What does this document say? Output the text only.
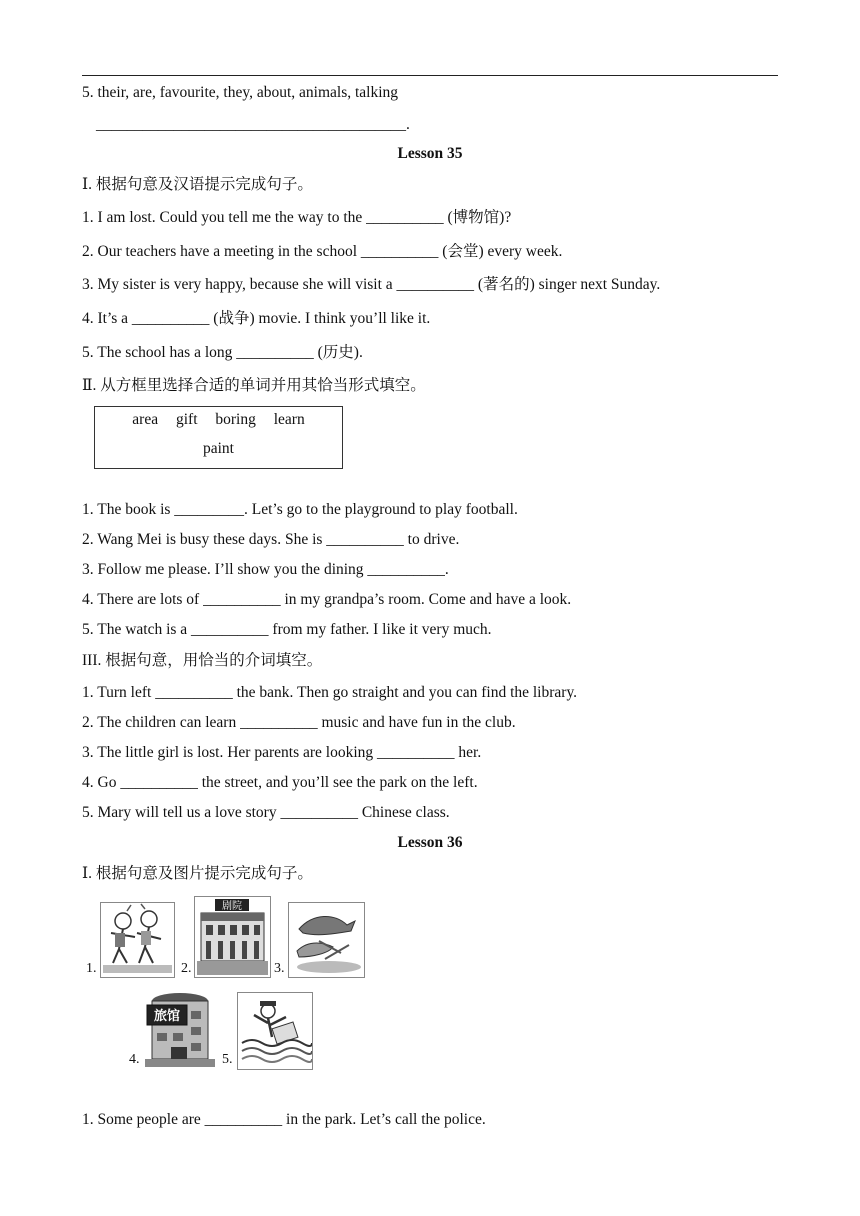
5. their, are, favourite, they, about, animals, talking
________________________________________.
Lesson 35
Ⅰ. 根据句意及汉语提示完成句子。
1. I am lost. Could you tell me the way to the __________ (博物馆)?
2. Our teachers have a meeting in the school __________ (会堂) every week.
3. My sister is very happy, because she will visit a __________ (著名的) singer next Sunday.
4. It’s a __________ (战争) movie. I think you’ll like it.
5. The school has a long __________ (历史).
Ⅱ. 从方框里选择合适的单词并用其恰当形式填空。
area gift boring learn
paint
1. The book is _________. Let’s go to the playground to play football.
2. Wang Mei is busy these days. She is __________ to drive.
3. Follow me please. I’ll show you the dining __________.
4. There are lots of __________ in my grandpa’s room. Come and have a look.
5. The watch is a __________ from my father. I like it very much.
III. 根据句意，用恰当的介词填空。
1. Turn left __________ the bank. Then go straight and you can find the library.
2. The children can learn __________ music and have fun in the club.
3. The little girl is lost. Her parents are looking __________ her.
4. Go __________ the street, and you’ll see the park on the left.
5. Mary will tell us a love story __________ Chinese class.
Lesson 36
Ⅰ. 根据句意及图片提示完成句子。
1.	2.
剧院
3.
4.
旅馆
5.
1. Some people are __________ in the park. Let’s call the police.
